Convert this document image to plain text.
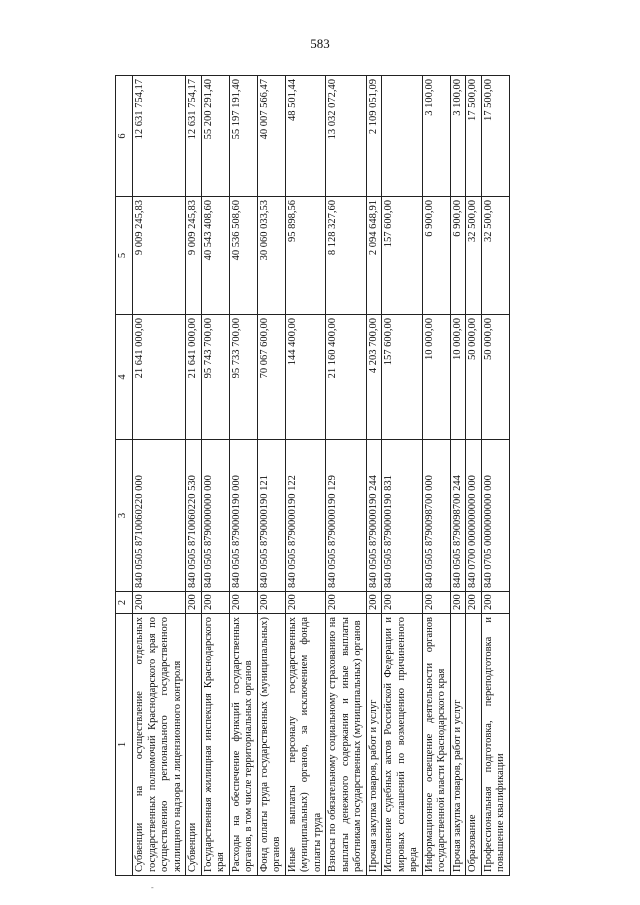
583
1	2	3	4	5	6
Субвенции на осуществление отдельных государственных полномочий Краснодарского края по осуществлению регионального государственного жилищного надзора и лицензионного контроля	200	840 0505 8710060220 000	21 641 000,00	9 009 245,83	12 631 754,17
Субвенции	200	840 0505 8710060220 530	21 641 000,00	9 009 245,83	12 631 754,17
Государственная жилищная инспекция Краснодарского края	200	840 0505 8790000000 000	95 743 700,00	40 543 408,60	55 200 291,40
Расходы на обеспечение функций государственных органов, в том числе территориальных органов	200	840 0505 8790000190 000	95 733 700,00	40 536 508,60	55 197 191,40
Фонд оплаты труда государственных (муниципальных) органов	200	840 0505 8790000190 121	70 067 600,00	30 060 033,53	40 007 566,47
Иные выплаты персоналу государственных (муниципальных) органов, за исключением фонда оплаты труда	200	840 0505 8790000190 122	144 400,00	95 898,56	48 501,44
Взносы по обязательному социальному страхованию на выплаты денежного содержания и иные выплаты работникам государственных (муниципальных) органов	200	840 0505 8790000190 129	21 160 400,00	8 128 327,60	13 032 072,40
Прочая закупка товаров, работ и услуг	200	840 0505 8790000190 244	4 203 700,00	2 094 648,91	2 109 051,09
Исполнение судебных актов Российской Федерации и мировых соглашений по возмещению причиненного вреда	200	840 0505 8790000190 831	157 600,00	157 600,00	
Информационное освещение деятельности органов государственной власти Краснодарского края	200	840 0505 8790098700 000	10 000,00	6 900,00	3 100,00
Прочая закупка товаров, работ и услуг	200	840 0505 8790098700 244	10 000,00	6 900,00	3 100,00
Образование	200	840 0700 0000000000 000	50 000,00	32 500,00	17 500,00
Профессиональная подготовка, переподготовка и повышение квалификации	200	840 0705 0000000000 000	50 000,00	32 500,00	17 500,00
-
